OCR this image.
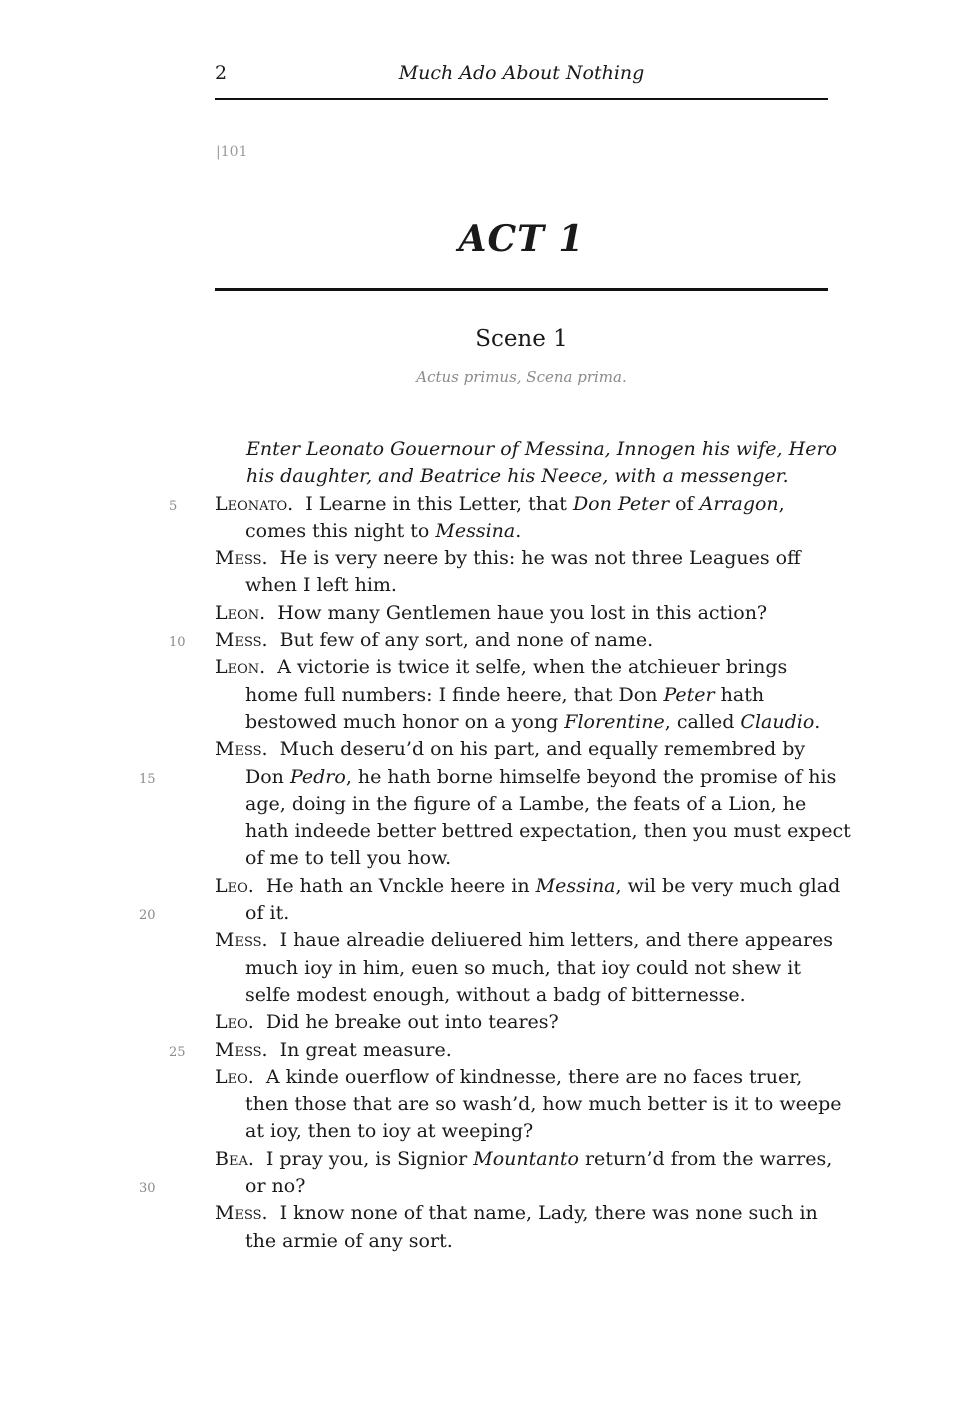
2	Much Ado About Nothing
|101
ACT 1
Scene 1
Actus primus, Scena prima.
Enter Leonato Gouernour of Messina, Innogen his wife, Hero
his daughter, and Beatrice his Neece, with a messenger.
5 Leonato. I Learne in this Letter, that Don Peter of Arragon,
comes this night to Messina.
Mess. He is very neere by this: he was not three Leagues off
when I left him.
Leon. How many Gentlemen haue you lost in this action?
10 Mess. But few of any sort, and none of name.
Leon. A victorie is twice it selfe, when the atchieuer brings
home full numbers: I finde heere, that Don Peter hath
bestowed much honor on a yong Florentine, called Claudio.
Mess. Much deseru’d on his part, and equally remembred by
15	Don Pedro, he hath borne himselfe beyond the promise of his
age, doing in the figure of a Lambe, the feats of a Lion, he
hath indeede better bettred expectation, then you must expect
of me to tell you how.
Leo. He hath an Vnckle heere in Messina, wil be very much glad
20	of it.
Mess. I haue alreadie deliuered him letters, and there appeares
much ioy in him, euen so much, that ioy could not shew it
selfe modest enough, without a badg of bitternesse.
Leo. Did he breake out into teares?
25 Mess. In great measure.
Leo. A kinde ouerflow of kindnesse, there are no faces truer,
then those that are so wash’d, how much better is it to weepe
at ioy, then to ioy at weeping?
Bea. I pray you, is Signior Mountanto return’d from the warres,
30	or no?
Mess. I know none of that name, Lady, there was none such in
the armie of any sort.
